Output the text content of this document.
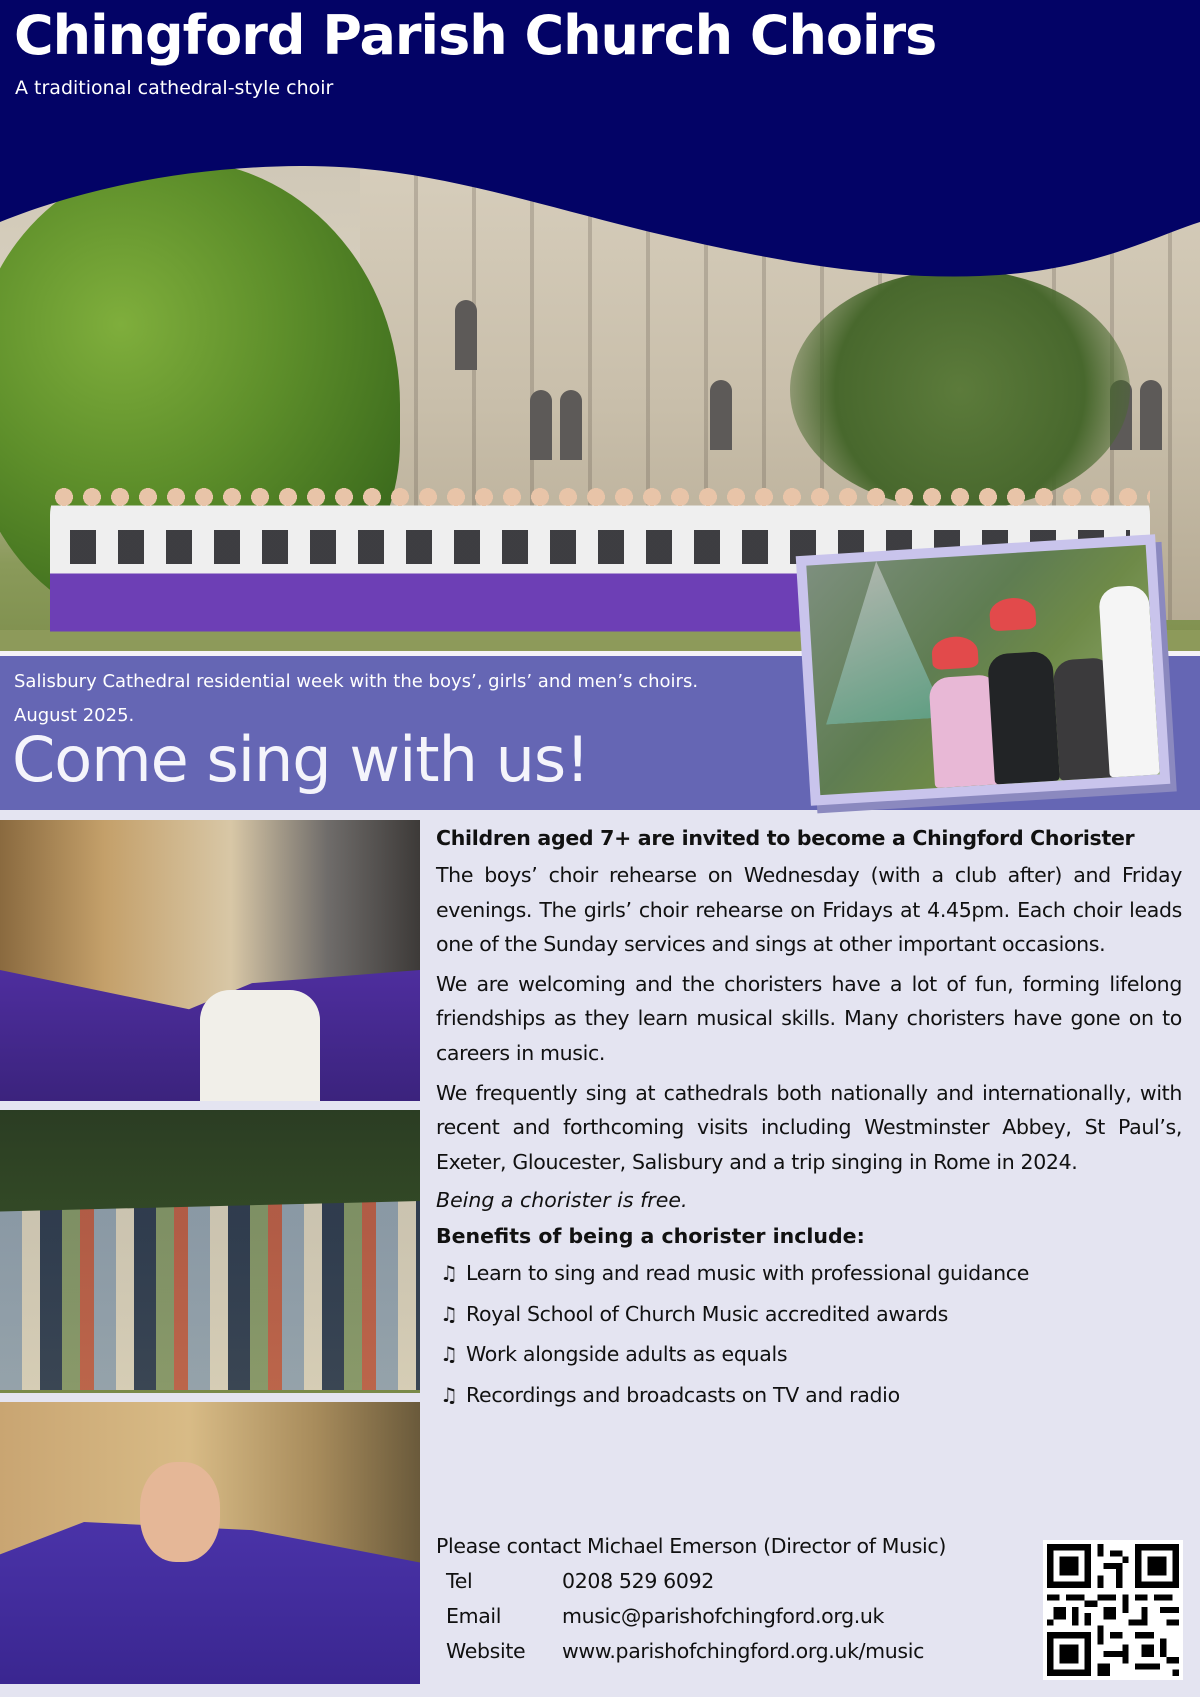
Chingford Parish Church Choirs
A traditional cathedral-style choir
Salisbury Cathedral residential week with the boys’, girls’ and men’s choirs.
August 2025.
Come sing with us!
Children aged 7+ are invited to become a Chingford Chorister

The boys’ choir rehearse on Wednesday (with a club after) and Friday evenings. The girls’ choir rehearse on Fridays at 4.45pm. Each choir leads one of the Sunday services and sings at other important occasions.

We are welcoming and the choristers have a lot of fun, forming lifelong friendships as they learn musical skills. Many choristers have gone on to careers in music.

We frequently sing at cathedrals both nationally and internationally, with recent and forthcoming visits including Westminster Abbey, St Paul’s, Exeter, Gloucester, Salisbury and a trip singing in Rome in 2024.

Being a chorister is free.
Benefits of being a chorister include:
♫ Learn to sing and read music with professional guidance
♫ Royal School of Church Music accredited awards
♫ Work alongside adults as equals
♫ Recordings and broadcasts on TV and radio
Please contact Michael Emerson (Director of Music)
Tel	0208 529 6092
Email	music@parishofchingford.org.uk
Website	www.parishofchingford.org.uk/music
